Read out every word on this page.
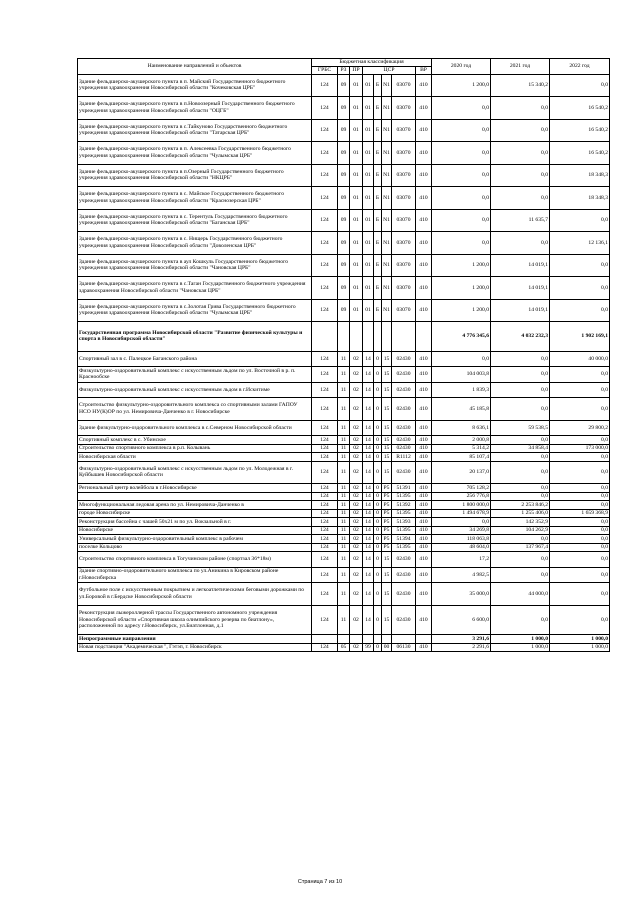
Наименование направлений и объектов	Бюджетная классификация								2020 год	2021 год	2022 год
	ГРБС	РЗ	ПР	ЦСР				ВР			
Здание фельдшерско-акушерского пункта в п. Майский Государственного бюджетного учреждения здравоохранения Новосибирской области "Кочековская ЦРБ"	124	09	01	01	Б	N1	03070	410	1 200,0	15 340,2	0,0
Здание фельдшерско-акушерского пункта в п.Новоозерный Государственного бюджетного учреждения здравоохранения Новосибирской области "ОЦГБ"	124	09	01	01	Б	N1	03070	410	0,0	0,0	16 540,2
Здание фельдшерско-акушерского пункта в с.Тайкуново Государственного бюджетного учреждения здравоохранения Новосибирской области "Татарская ЦРБ"	124	09	01	01	Б	N1	03070	410	0,0	0,0	16 540,2
Здание фельдшерско-акушерского пункта в п. Алексеевка Государственного бюджетного учреждения здравоохранения Новосибирской области "Чулымская ЦРБ"	124	09	01	01	Б	N1	03070	410	0,0	0,0	16 540,2
Здание фельдшерско-акушерского пункта в п.Озерный Государственного бюджетного учреждения здравоохранения Новосибирской области "НКЦРБ"	124	09	01	01	Б	N1	03070	410	0,0	0,0	18 348,3
Здание фельдшерско-акушерского пункта в с. Майское Государственного бюджетного учреждения здравоохранения Новосибирской области "Краснозерская ЦРБ"	124	09	01	01	Б	N1	03070	410	0,0	0,0	18 348,3
Здание фельдшерско-акушерского пункта в с. Терентуль Государственного бюджетного учреждения здравоохранения Новосибирской области "Баганская ЦРБ"	124	09	01	01	Б	N1	03070	410	0,0	11 635,7	0,0
Здание фельдшерско-акушерского пункта в с. Нищерь Государственного бюджетного учреждения здравоохранения Новосибирской области "Доволенская ЦРБ"	124	09	01	01	Б	N1	03070	410	0,0	0,0	12 136,1
Здание фельдшерско-акушерского пункта в аул Кошкуль Государственного бюджетного учреждения здравоохранения Новосибирской области "Чановская ЦРБ"	124	09	01	01	Б	N1	03070	410	1 200,0	14 019,1	0,0
Здание фельдшерско-акушерского пункта в с.Таган Государственного бюджетного учреждения здравоохранения Новосибирской области "Чановская ЦРБ"	124	09	01	01	Б	N1	03070	410	1 200,0	14 019,1	0,0
Здание фельдшерско-акушерского пункта в с.Золотая Грива Государственного бюджетного учреждения здравоохранения Новосибирской области "Чулымская ЦРБ"	124	09	01	01	Б	N1	03070	410	1 200,0	14 019,1	0,0
Государственная программа Новосибирской области "Развитие физической культуры и спорта в Новосибирской области"									4 776 345,6	4 032 232,3	1 902 169,1
Спортивный зал в с. Палецкое Баганского района	124	11	02	14	0	15	02430	410	0,0	0,0	40 000,0
Физкультурно-оздоровительный комплекс с искусственным льдом по ул. Восточной в р. п. Краснообске	124	11	02	14	0	15	02430	410	104 003,8	0,0	0,0
Физкультурно-оздоровительный комплекс с искусственным льдом в г.Искитиме	124	11	02	14	0	15	02430	410	1 839,3	0,0	0,0
Строительство физкультурно-оздоровительного комплекса со спортивными залами ГАПОУ НСО НУ(К)ОР по ул. Немировича-Данченко в г. Новосибирске	124	11	02	14	0	15	02430	410	45 185,8	0,0	0,0
Здание физкультурно-оздоровительного комплекса в с.Северном Новосибирской области	124	11	02	14	0	15	02430	410	8 636,1	59 538,5	29 800,2
Спортивный комплекс в с. Убинское	124	11	02	14	0	15	02430	410	2 000,8	0,0	0,0
Строительство спортивного комплекса в р.п. Колывань	124	11	02	14	0	15	02430	410	5 314,2	34 858,4	173 000,0
Новосибирская области	124	11	02	14	0	15	R1112	410	85 107,4	0,0	0,0
Физкультурно-оздоровительный комплекс с искусственным льдом по ул. Молодежная в г. Куйбышев Новосибирской области	124	11	02	14	0	15	02430	410	20 137,0	0,0	0,0
Региональный центр волейбола в г.Новосибирске	124	11	02	14	0	P5	51391	410	705 128,2	0,0	0,0
	124	11	02	14	0	P5	51395	410	256 776,8	0,0	0,0
Многофункциональная ледовая арена по ул. Немировича-Данченко в	124	11	02	14	0	P5	51392	410	1 800 000,0	2 253 846,2	0,0
городе Новосибирске	124	11	02	14	0	P5	51395	410	1 494 678,9	1 255 406,0	1 659 368,9
Реконструкция бассейна с чашей 50х21 м по ул. Вокзальной в г.	124	11	02	14	0	P5	51393	410	0,0	142 352,9	0,0
Новосибирске	124	11	02	14	0	P5	51395	410	34 269,8	104 262,9	0,0
Универсальный физкультурно-оздоровительный комплекс в рабочем	124	11	02	14	0	P5	51394	410	118 063,8	0,0	0,0
поселке Кольцово	124	11	02	14	0	P5	51395	410	48 604,0	137 967,4	0,0
Строительство спортивного комплекса в Тогучинском районе (спортзал 36*18м)	124	11	02	14	0	15	02430	410	17,2	0,0	0,0
Здание спортивно-оздоровительного комплекса по ул.Аникина в Кировском районе г.Новосибирска	124	11	02	14	0	15	02430	410	4 982,5	0,0	0,0
Футбольное поле с искусственным покрытием и легкоатлетическими беговыми дорожками по ул.Боровой в г.Бердске Новосибирской области	124	11	02	14	0	15	02430	410	35 000,0	44 000,0	0,0
Реконструкция лыжероллерной трассы Государственного автономного учреждения Новосибирской области «Спортивная школа олимпийского резерва по биатлону», расположенной по адресу г.Новосибирск, ул.Биатлонная, д.1	124	11	02	14	0	15	02430	410	6 600,0	0,0	0,0
Непрограммные направления									3 291,6	1 000,0	1 000,0
Новая подстанция "Академическая ", Гэтэп, г. Новосибирск	124	05	02	99	0	00	06130	410	2 291,6	1 000,0	1 000,0
Страница 7 из 10
